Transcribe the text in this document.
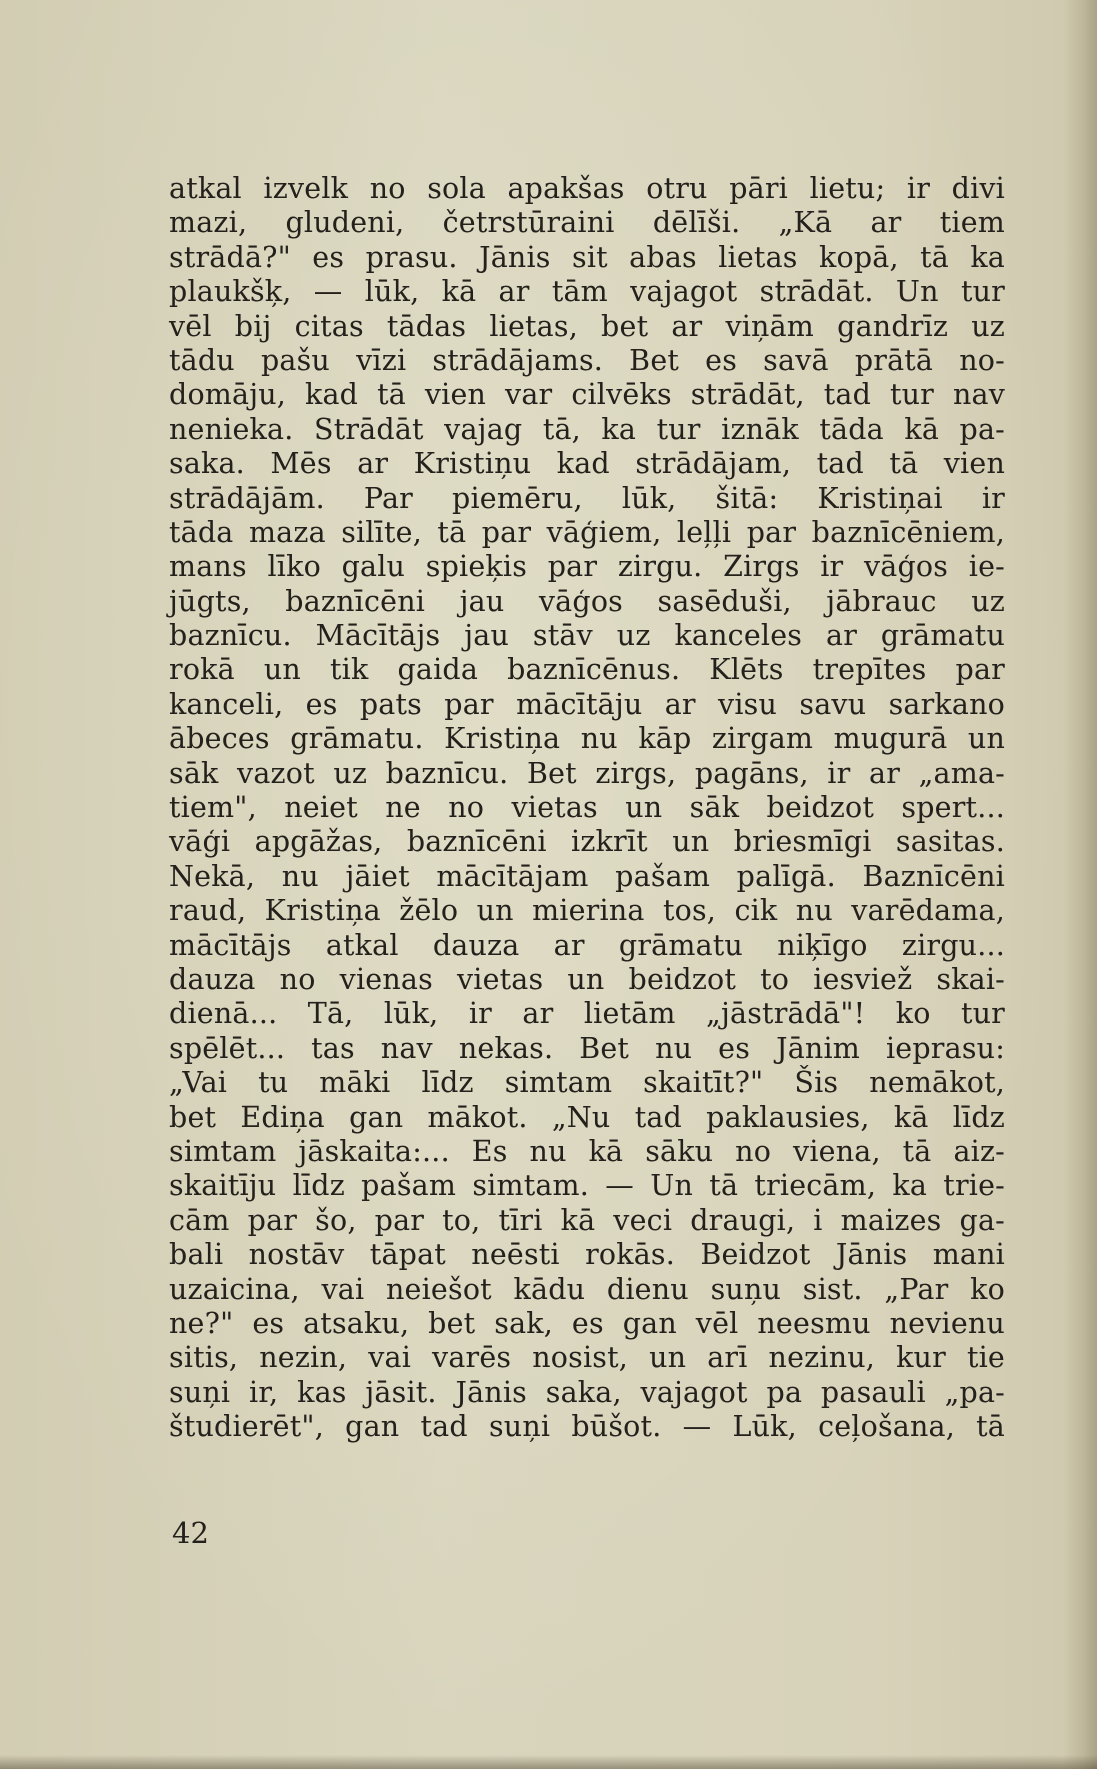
atkal izvelk no sola apakšas otru pāri lietu; ir divi
mazi, gludeni, četrstūraini dēlīši. „Kā ar tiem
strādā?" es prasu. Jānis sit abas lietas kopā, tā ka
plaukšķ, — lūk, kā ar tām vajagot strādāt. Un tur
vēl bij citas tādas lietas, bet ar viņām gandrīz uz
tādu pašu vīzi strādājams. Bet es savā prātā no-
domāju, kad tā vien var cilvēks strādāt, tad tur nav
nenieka. Strādāt vajag tā, ka tur iznāk tāda kā pa-
saka. Mēs ar Kristiņu kad strādājam, tad tā vien
strādājām. Par piemēru, lūk, šitā: Kristiņai ir
tāda maza silīte, tā par vāģiem, leļļi par baznīcēniem,
mans līko galu spieķis par zirgu. Zirgs ir vāģos ie-
jūgts, baznīcēni jau vāģos sasēduši, jābrauc uz
baznīcu. Mācītājs jau stāv uz kanceles ar grāmatu
rokā un tik gaida baznīcēnus. Klēts trepītes par
kanceli, es pats par mācītāju ar visu savu sarkano
ābeces grāmatu. Kristiņa nu kāp zirgam mugurā un
sāk vazot uz baznīcu. Bet zirgs, pagāns, ir ar „ama-
tiem", neiet ne no vietas un sāk beidzot spert...
vāģi apgāžas, baznīcēni izkrīt un briesmīgi sasitas.
Nekā, nu jāiet mācītājam pašam palīgā. Baznīcēni
raud, Kristiņa žēlo un mierina tos, cik nu varēdama,
mācītājs atkal dauza ar grāmatu niķīgo zirgu...
dauza no vienas vietas un beidzot to iesviež skai-
dienā... Tā, lūk, ir ar lietām „jāstrādā"! ko tur
spēlēt... tas nav nekas. Bet nu es Jānim ieprasu:
„Vai tu māki līdz simtam skaitīt?" Šis nemākot,
bet Ediņa gan mākot. „Nu tad paklausies, kā līdz
simtam jāskaita:... Es nu kā sāku no viena, tā aiz-
skaitīju līdz pašam simtam. — Un tā triecām, ka trie-
cām par šo, par to, tīri kā veci draugi, i maizes ga-
bali nostāv tāpat neēsti rokās. Beidzot Jānis mani
uzaicina, vai neiešot kādu dienu suņu sist. „Par ko
ne?" es atsaku, bet sak, es gan vēl neesmu nevienu
sitis, nezin, vai varēs nosist, un arī nezinu, kur tie
suņi ir, kas jāsit. Jānis saka, vajagot pa pasauli „pa-
študierēt", gan tad suņi būšot. — Lūk, ceļošana, tā
42
